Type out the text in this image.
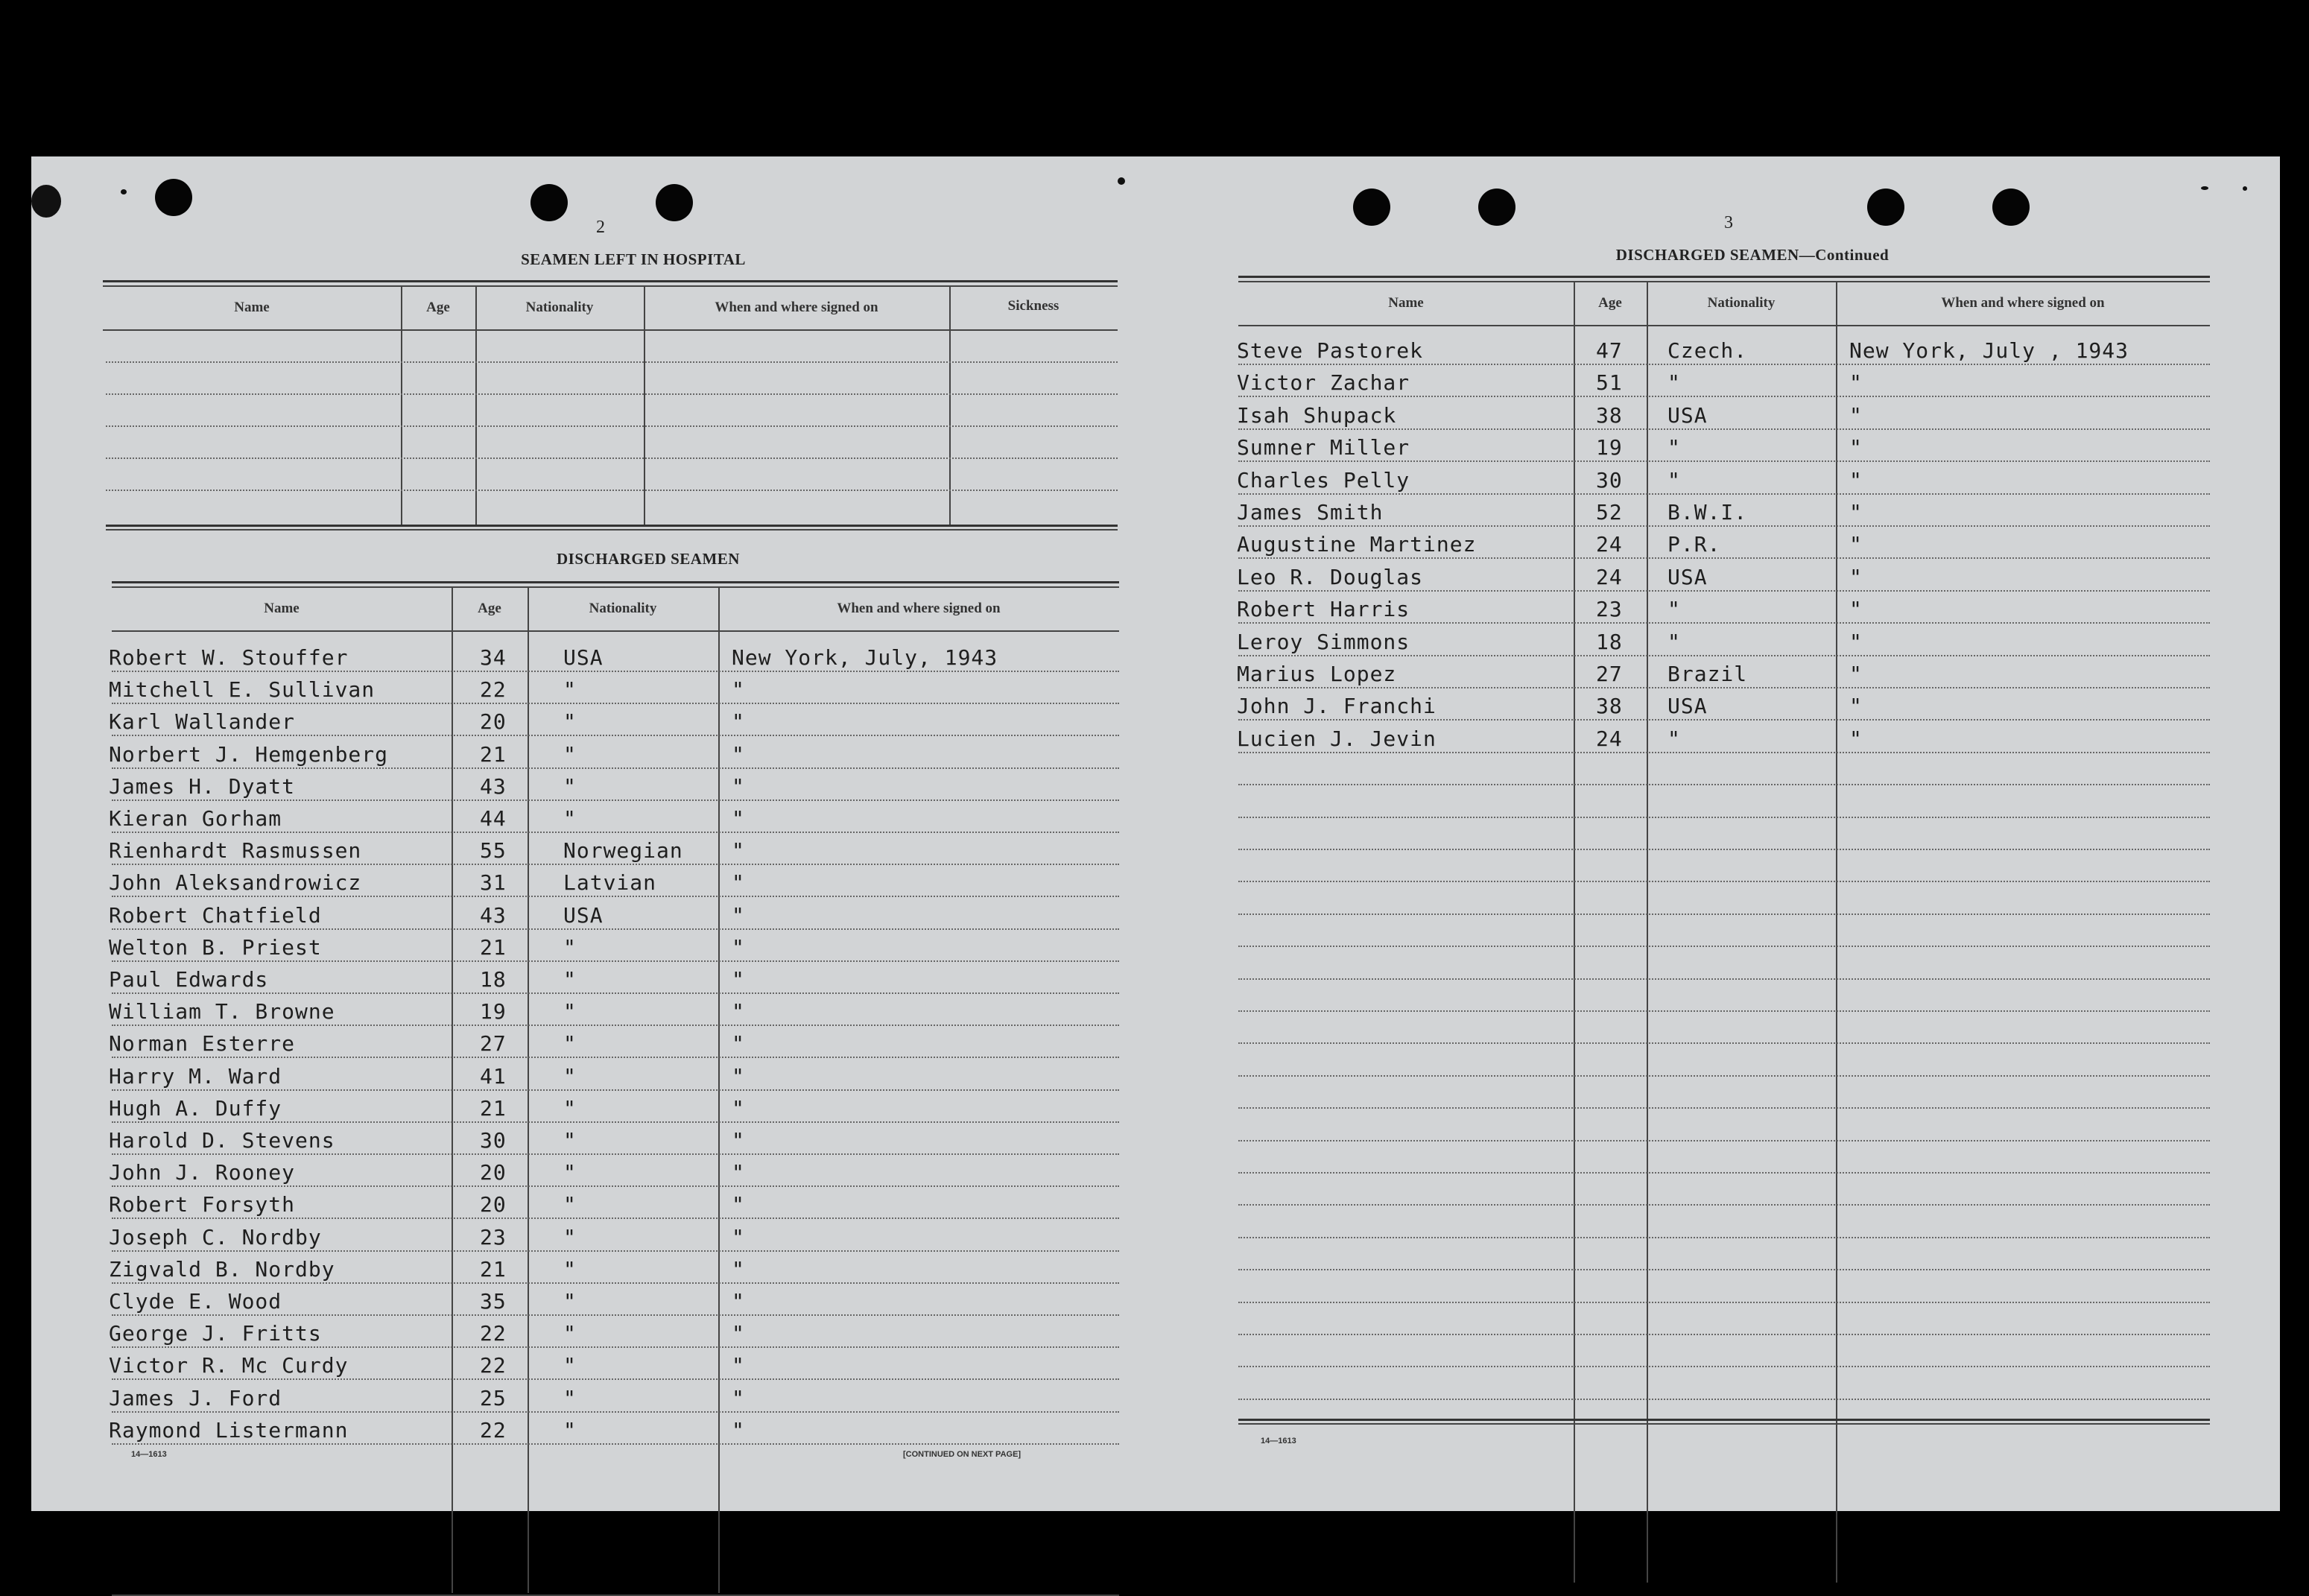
2
SEAMEN LEFT IN HOSPITAL
Name	Age	Nationality	When and where signed on	Sickness
DISCHARGED SEAMEN
Name	Age	Nationality	When and where signed on
Robert W. Stouffer	34	USA	New York, July, 1943
Mitchell E. Sullivan	22	"	"
Karl Wallander	20	"	"
Norbert J. Hemgenberg	21	"	"
James H. Dyatt	43	"	"
Kieran Gorham	44	"	"
Rienhardt Rasmussen	55	Norwegian "
John Aleksandrowicz	31	Latvian	"
Robert Chatfield	43	USA	"
Welton B. Priest	21	"	"
Paul Edwards	18	"	"
William T. Browne	19	"	"
Norman Esterre	27	"	"
Harry M. Ward	41	"	"
Hugh A. Duffy	21	"	"
Harold D. Stevens	30	"	"
John J. Rooney	20	"	"
Robert Forsyth	20	"	"
Joseph C. Nordby	23	"	"
Zigvald B. Nordby	21	"	"
Clyde E. Wood	35	"	"
George J. Fritts	22	"	"
Victor R. Mc Curdy	22	"	"
James J. Ford	25	"	"
Raymond Listermann	22	"	"
14—1613	[CONTINUED ON NEXT PAGE]
3
DISCHARGED SEAMEN—Continued
Name	Age	Nationality	When and where signed on
Steve Pastorek	47 Czech.	New York, July , 1943
Victor Zachar	51 "	"
Isah Shupack	38 USA	"
Sumner Miller	19 "	"
Charles Pelly	30 "	"
James Smith	52 B.W.I.	"
Augustine Martinez	24 P.R.	"
Leo R. Douglas	24 USA	"
Robert Harris	23 "	"
Leroy Simmons	18 "	"
Marius Lopez	27 Brazil	"
John J. Franchi	38 USA	"
Lucien J. Jevin	24 "	"
14—1613
